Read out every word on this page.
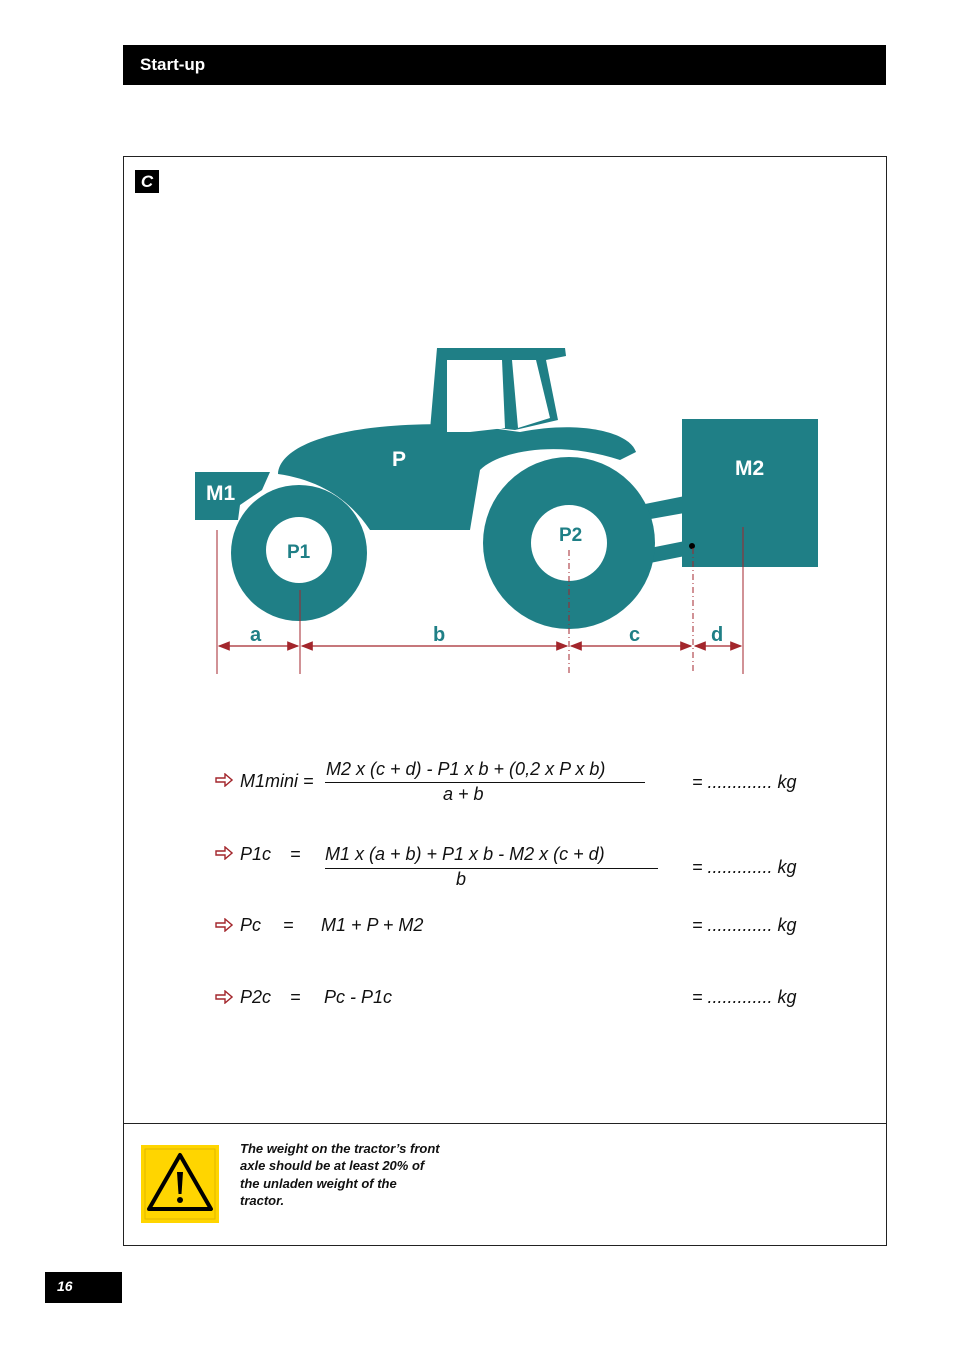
Start-up
C
P
M1
M2
P1
P2
a	b	c	d
M1mini =
M2 x (c + d) - P1 x b + (0,2 x P x b)
a + b
= ............. kg
P1c = M1 x (a + b) + P1 x b - M2 x (c + d)
b
= ............. kg
Pc = M1 + P + M2	= ............. kg
P2c = Pc - P1c	= ............. kg
The weight on the tractor’s front axle should be at least 20% of the unladen weight of the tractor.
16
